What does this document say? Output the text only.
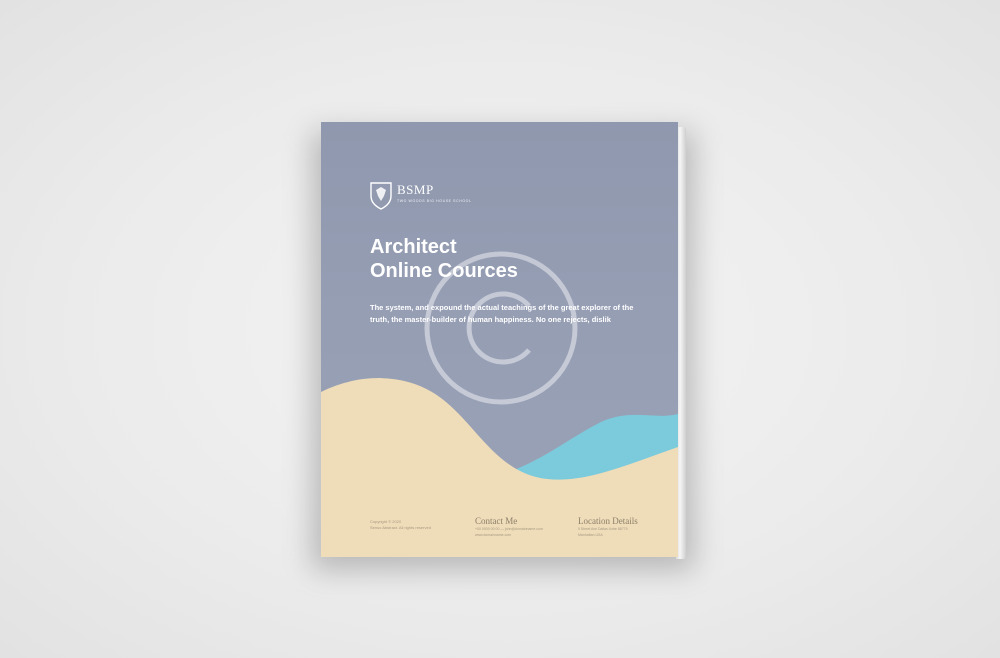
BSMP
TWO WOODS BIG HOUSE SCHOOL
Architect
Online Cources
The system, and expound the actual teachings of the great explorer of the truth, the master-builder of human happiness. No one rejects, dislik
Copyright © 2020
Senso Abstract. All rights reserved
Contact Me
+00 0000 00 00 — john@domainname.com
www.domainname.com
Location Details
0 Street Ave Dallas Uxbe 88779
Manhattan USA
